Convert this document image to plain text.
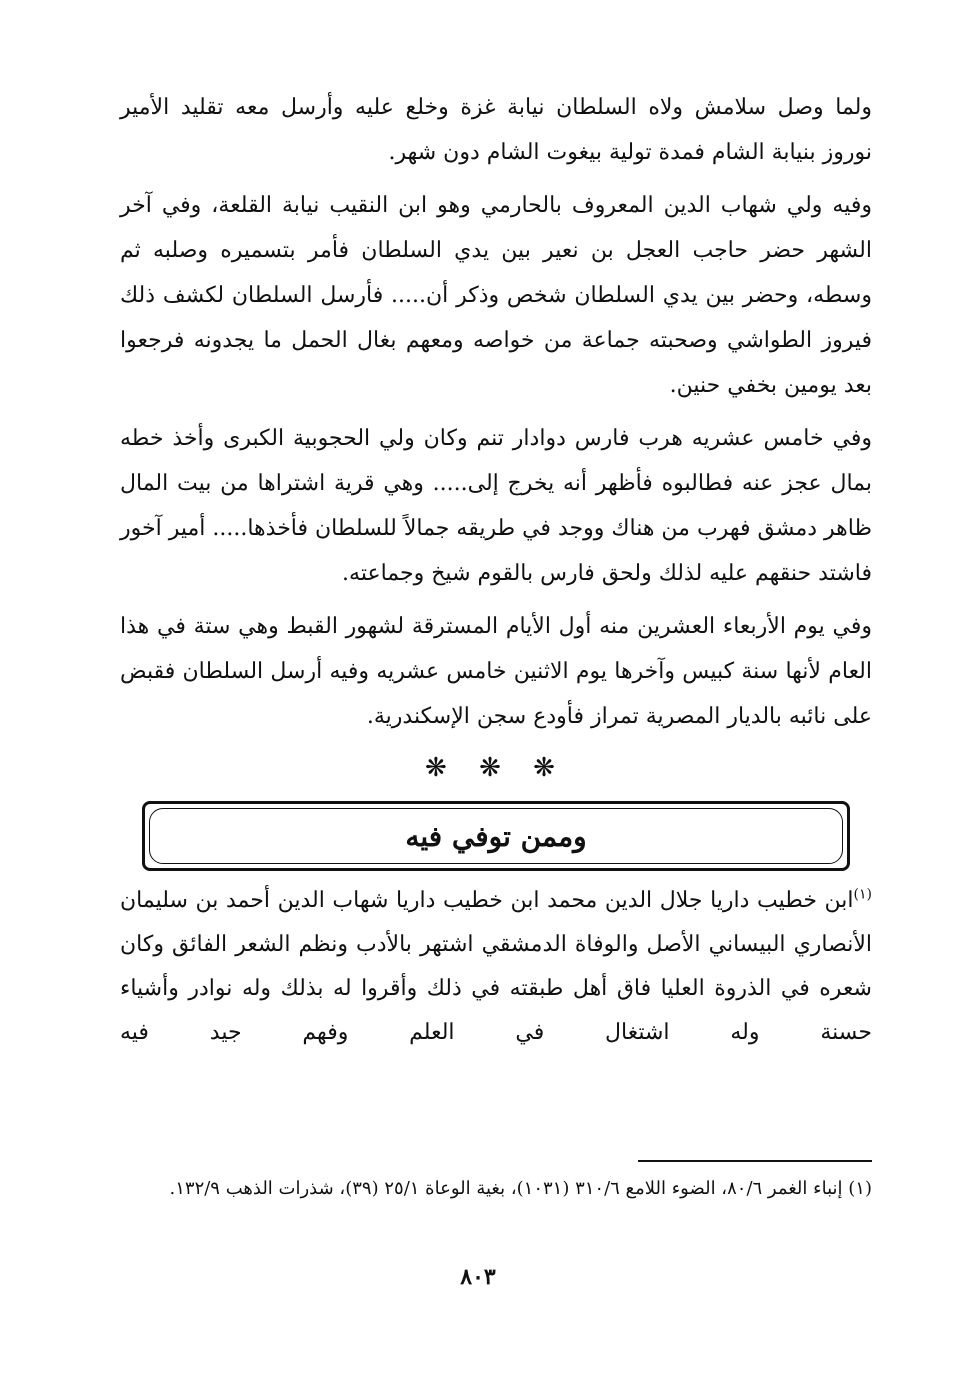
ولما وصل سلامش ولاه السلطان نيابة غزة وخلع عليه وأرسل معه تقليد الأمير نوروز بنيابة الشام فمدة تولية بيغوت الشام دون شهر.

وفيه ولي شهاب الدين المعروف بالحارمي وهو ابن النقيب نيابة القلعة، وفي آخر الشهر حضر حاجب العجل بن نعير بين يدي السلطان فأمر بتسميره وصلبه ثم وسطه، وحضر بين يدي السلطان شخص وذكر أن..... فأرسل السلطان لكشف ذلك فيروز الطواشي وصحبته جماعة من خواصه ومعهم بغال الحمل ما يجدونه فرجعوا بعد يومين بخفي حنين.

وفي خامس عشريه هرب فارس دوادار تنم وكان ولي الحجوبية الكبرى وأخذ خطه بمال عجز عنه فطالبوه فأظهر أنه يخرج إلى..... وهي قرية اشتراها من بيت المال ظاهر دمشق فهرب من هناك ووجد في طريقه جمالاً للسلطان فأخذها..... أمير آخور فاشتد حنقهم عليه لذلك ولحق فارس بالقوم شيخ وجماعته.

وفي يوم الأربعاء العشرين منه أول الأيام المسترقة لشهور القبط وهي ستة في هذا العام لأنها سنة كبيس وآخرها يوم الاثنين خامس عشريه وفيه أرسل السلطان فقبض على نائبه بالديار المصرية تمراز فأودع سجن الإسكندرية.

❋ ❋ ❋
وممن توفي فيه

$^{(١)}$ابن خطيب داريا جلال الدين محمد ابن خطيب داريا شهاب الدين أحمد بن سليمان الأنصاري البيساني الأصل والوفاة الدمشقي اشتهر بالأدب ونظم الشعر الفائق وكان شعره في الذروة العليا فاق أهل طبقته في ذلك وأقروا له بذلك وله نوادر وأشياء حسنة وله اشتغال في العلم وفهم جيد فيه

(١) إنباء الغمر ٨٠/٦، الضوء اللامع ٣١٠/٦ (١٠٣١)، بغية الوعاة ٢٥/١ (٣٩)، شذرات الذهب ١٣٢/٩.
٨٠٣
